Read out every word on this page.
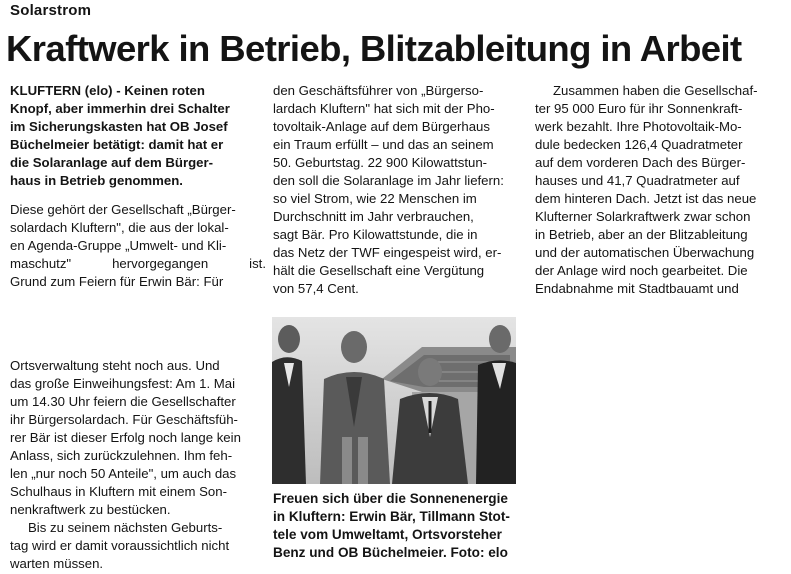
Solarstrom
Kraftwerk in Betrieb, Blitzableitung in Arbeit

KLUFTERN (elo) - Keinen roten
Knopf, aber immerhin drei Schalter
im Sicherungskasten hat OB Josef
Büchelmeier betätigt: damit hat er
die Solaranlage auf dem Bürger-
haus in Betrieb genommen.

Diese gehört der Gesellschaft „Bürger-
solardach Kluftern", die aus der lokal-
en Agenda-Gruppe „Umwelt- und Kli-
maschutz" hervorgegangen ist.
Grund zum Feiern für Erwin Bär: Für

den Geschäftsführer von „Bürgerso-
lardach Kluftern" hat sich mit der Pho-
tovoltaik-Anlage auf dem Bürgerhaus
ein Traum erfüllt – und das an seinem
50. Geburtstag. 22 900 Kilowattstun-
den soll die Solaranlage im Jahr liefern:
so viel Strom, wie 22 Menschen im
Durchschnitt im Jahr verbrauchen,
sagt Bär. Pro Kilowattstunde, die in
das Netz der TWF eingespeist wird, er-
hält die Gesellschaft eine Vergütung
von 57,4 Cent.

Zusammen haben die Gesellschaf-
ter 95 000 Euro für ihr Sonnenkraft-
werk bezahlt. Ihre Photovoltaik-Mo-
dule bedecken 126,4 Quadratmeter
auf dem vorderen Dach des Bürger-
hauses und 41,7 Quadratmeter auf
dem hinteren Dach. Jetzt ist das neue
Klufterner Solarkraftwerk zwar schon
in Betrieb, aber an der Blitzableitung
und der automatischen Überwachung
der Anlage wird noch gearbeitet. Die
Endabnahme mit Stadtbauamt und

Ortsverwaltung steht noch aus. Und
das große Einweihungsfest: Am 1. Mai
um 14.30 Uhr feiern die Gesellschafter
ihr Bürgersolardach. Für Geschäftsfüh-
rer Bär ist dieser Erfolg noch lange kein
Anlass, sich zurückzulehnen. Ihm feh-
len „nur noch 50 Anteile", um auch das
Schulhaus in Kluftern mit einem Son-
nenkraftwerk zu bestücken.

Bis zu seinem nächsten Geburts-
tag wird er damit voraussichtlich nicht
warten müssen.

Freuen sich über die Sonnenenergie
in Kluftern: Erwin Bär, Tillmann Stot-
tele vom Umweltamt, Ortsvorsteher
Benz und OB Büchelmeier. Foto: elo
